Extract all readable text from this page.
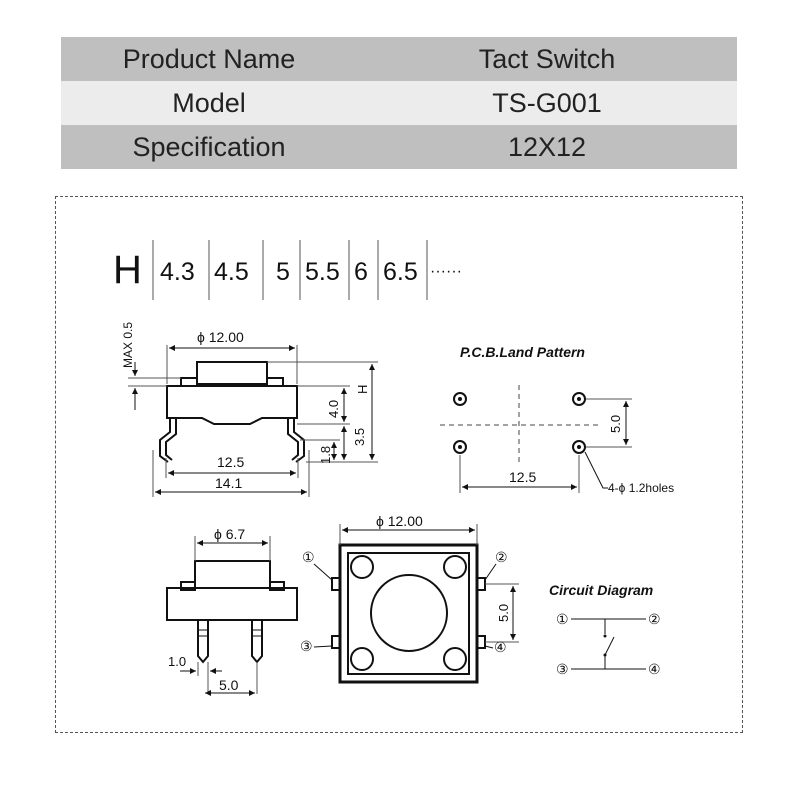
Product Name	Tact Switch
Model	TS-G001
Specification	12X12
H 4.3 4.5 5 5.5 6 6.5 ······
ϕ 12.00
MAX 0.5
H
4.0
3.5
1.8
12.5
14.1
P.C.B.Land Pattern
5.0
12.5
4-ϕ 1.2holes
ϕ 6.7
1.0
5.0
ϕ 12.00
5.0
①	②
③	④
Circuit Diagram
①	②
③	④
